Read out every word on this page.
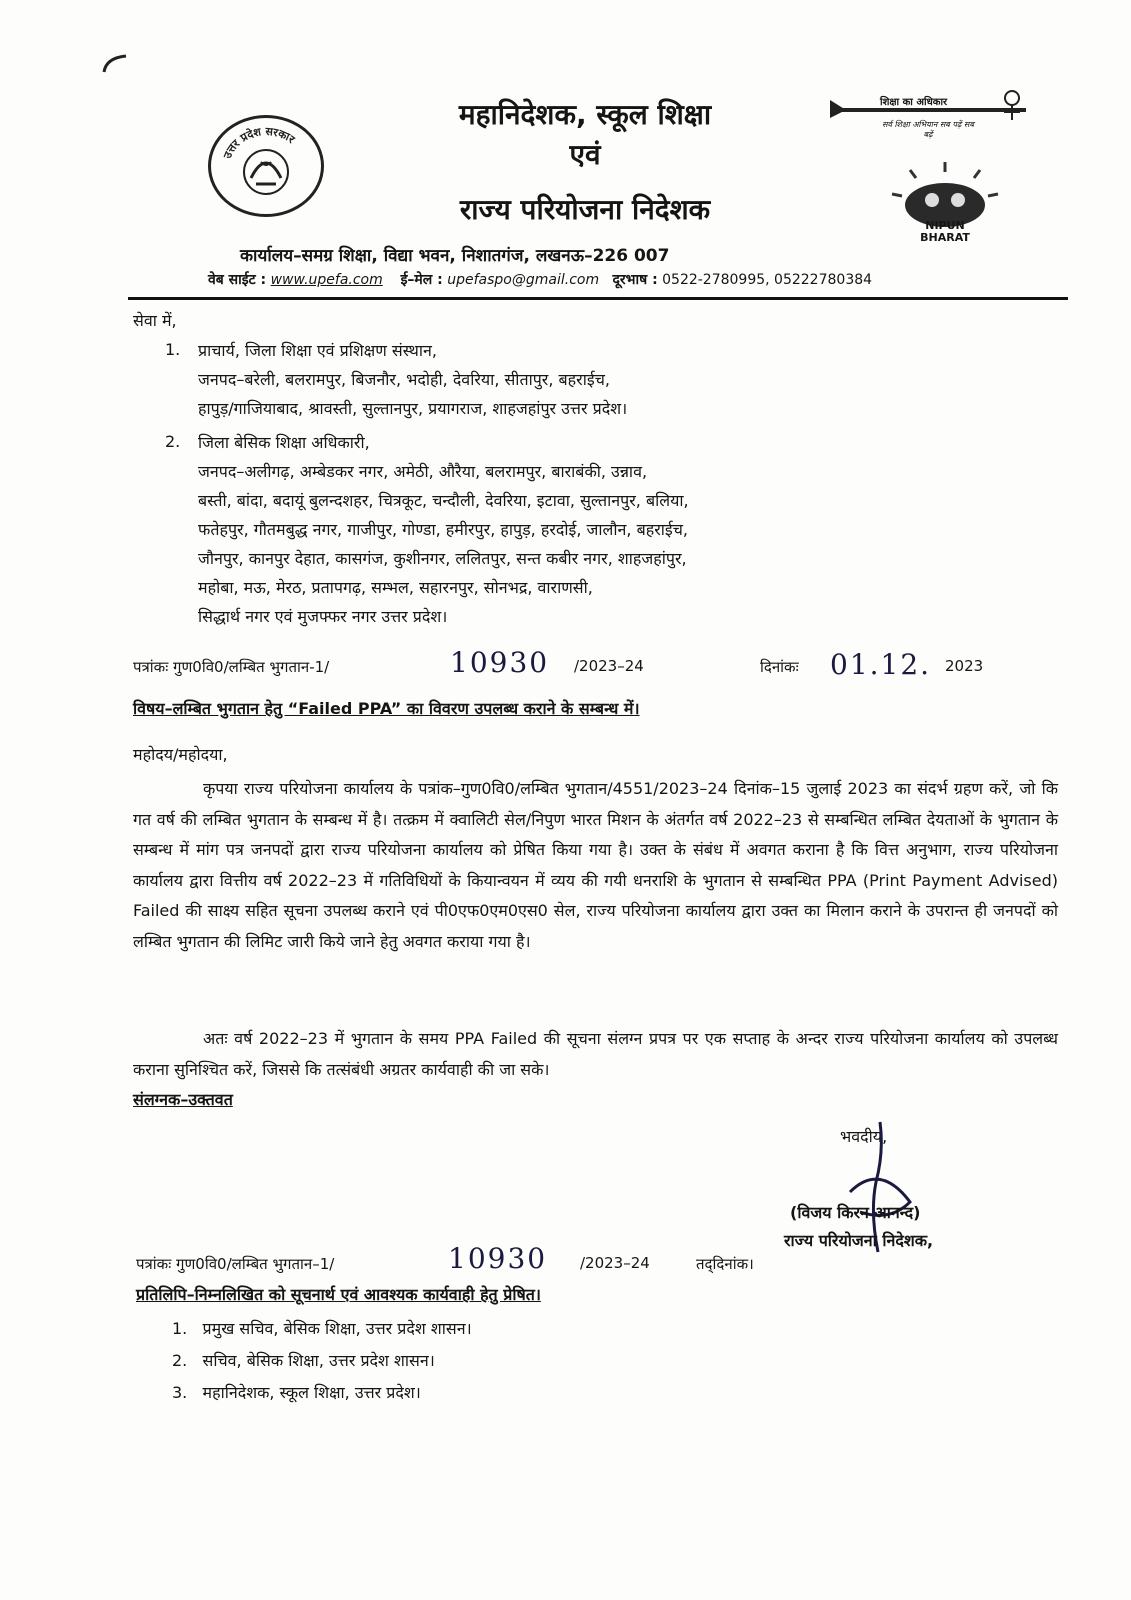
उत्तर प्रदेश सरकार
महानिदेशक, स्कूल शिक्षा
एवं
राज्य परियोजना निदेशक
शिक्षा का अधिकार
सर्व शिक्षा अभियान सब पढ़ें सब बढ़ें
NIPUN BHARAT
कार्यालय–समग्र शिक्षा, विद्या भवन, निशातगंज, लखनऊ–226 007
वेब साईट : www.upefa.com ई–मेल : upefaspo@gmail.com दूरभाष : 0522-2780995, 05222780384
सेवा में,
1. प्राचार्य, जिला शिक्षा एवं प्रशिक्षण संस्थान,
जनपद–बरेली, बलरामपुर, बिजनौर, भदोही, देवरिया, सीतापुर, बहराईच,
हापुड़/गाजियाबाद, श्रावस्ती, सुल्तानपुर, प्रयागराज, शाहजहांपुर उत्तर प्रदेश।
2. जिला बेसिक शिक्षा अधिकारी,
जनपद–अलीगढ़, अम्बेडकर नगर, अमेठी, औरैया, बलरामपुर, बाराबंकी, उन्नाव,
बस्ती, बांदा, बदायूं बुलन्दशहर, चित्रकूट, चन्दौली, देवरिया, इटावा, सुल्तानपुर, बलिया,
फतेहपुर, गौतमबुद्ध नगर, गाजीपुर, गोण्डा, हमीरपुर, हापुड़, हरदोई, जालौन, बहराईच,
जौनपुर, कानपुर देहात, कासगंज, कुशीनगर, ललितपुर, सन्त कबीर नगर, शाहजहांपुर,
महोबा, मऊ, मेरठ, प्रतापगढ़, सम्भल, सहारनपुर, सोनभद्र, वाराणसी,
सिद्धार्थ नगर एवं मुजफ्फर नगर उत्तर प्रदेश।
पत्रांकः गुण0वि0/लम्बित भुगतान-1/	10930 /2023–24	दिनांकः 01.12. 2023
विषय–लम्बित भुगतान हेतु “Failed PPA” का विवरण उपलब्ध कराने के सम्बन्ध में।
महोदय/महोदया,
कृपया राज्य परियोजना कार्यालय के पत्रांक–गुण0वि0/लम्बित भुगतान/4551/2023–24 दिनांक–15 जुलाई 2023 का संदर्भ ग्रहण करें, जो कि गत वर्ष की लम्बित भुगतान के सम्बन्ध में है। तत्क्रम में क्वालिटी सेल/निपुण भारत मिशन के अंतर्गत वर्ष 2022–23 से सम्बन्धित लम्बित देयताओं के भुगतान के सम्बन्ध में मांग पत्र जनपदों द्वारा राज्य परियोजना कार्यालय को प्रेषित किया गया है। उक्त के संबंध में अवगत कराना है कि वित्त अनुभाग, राज्य परियोजना कार्यालय द्वारा वित्तीय वर्ष 2022–23 में गतिविधियों के कियान्वयन में व्यय की गयी धनराशि के भुगतान से सम्बन्धित PPA (Print Payment Advised) Failed की साक्ष्य सहित सूचना उपलब्ध कराने एवं पी0एफ0एम0एस0 सेल, राज्य परियोजना कार्यालय द्वारा उक्त का मिलान कराने के उपरान्त ही जनपदों को लम्बित भुगतान की लिमिट जारी किये जाने हेतु अवगत कराया गया है।
अतः वर्ष 2022–23 में भुगतान के समय PPA Failed की सूचना संलग्न प्रपत्र पर एक सप्ताह के अन्दर राज्य परियोजना कार्यालय को उपलब्ध कराना सुनिश्चित करें, जिससे कि तत्संबंधी अग्रतर कार्यवाही की जा सके।
संलग्नक–उक्तवत
भवदीय,
(विजय किरन आनन्द)
राज्य परियोजना निदेशक,
पत्रांकः गुण0वि0/लम्बित भुगतान–1/	10930 /2023–24	तद्‌दिनांक।
प्रतिलिपि–निम्नलिखित को सूचनार्थ एवं आवश्यक कार्यवाही हेतु प्रेषित।
1. प्रमुख सचिव, बेसिक शिक्षा, उत्तर प्रदेश शासन।
2. सचिव, बेसिक शिक्षा, उत्तर प्रदेश शासन।
3. महानिदेशक, स्कूल शिक्षा, उत्तर प्रदेश।
